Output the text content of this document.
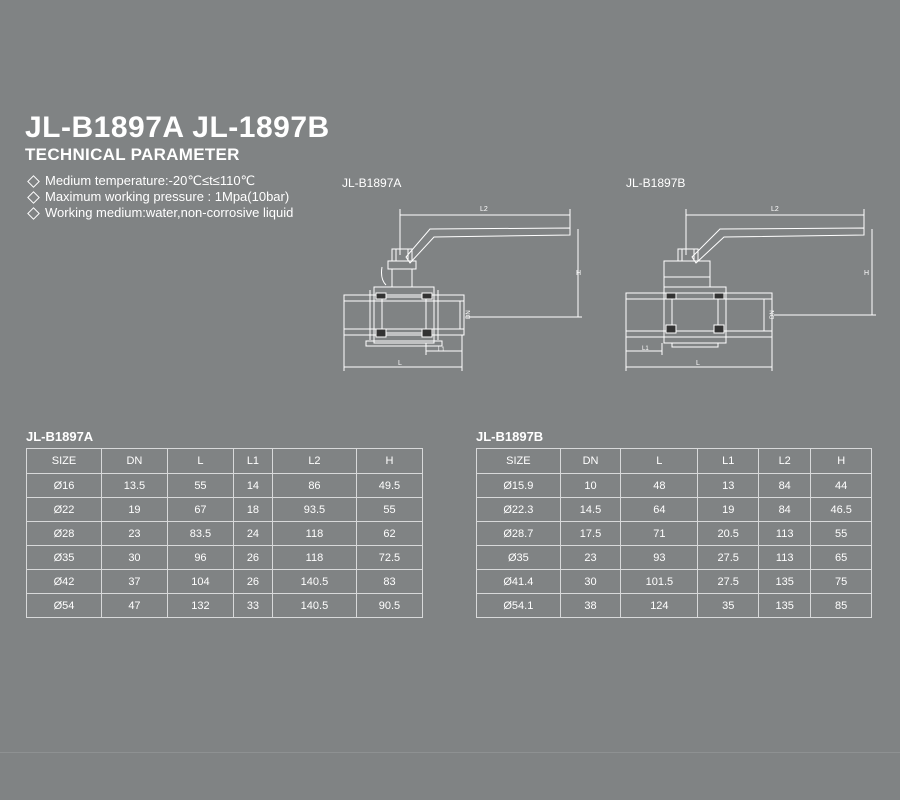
JL-B1897A JL-1897B
TECHNICAL PARAMETER
Medium temperature:-20℃≤t≤110℃
Maximum working pressure : 1Mpa(10bar)
Working medium:water,non-corrosive liquid
JL-B1897A	JL-B1897B
L2
DN
H
L1
L
L2
DN
H
L1
L
JL-B1897A	JL-B1897B
SIZE	DN	L	L1	L2	H
Ø16	13.5	55	14	86	49.5
Ø22	19	67	18	93.5	55
Ø28	23	83.5	24	118	62
Ø35	30	96	26	118	72.5
Ø42	37	104	26	140.5	83
Ø54	47	132	33	140.5	90.5
SIZE	DN	L	L1	L2	H
Ø15.9	10	48	13	84	44
Ø22.3	14.5	64	19	84	46.5
Ø28.7	17.5	71	20.5	113	55
Ø35	23	93	27.5	113	65
Ø41.4	30	101.5	27.5	135	75
Ø54.1	38	124	35	135	85
